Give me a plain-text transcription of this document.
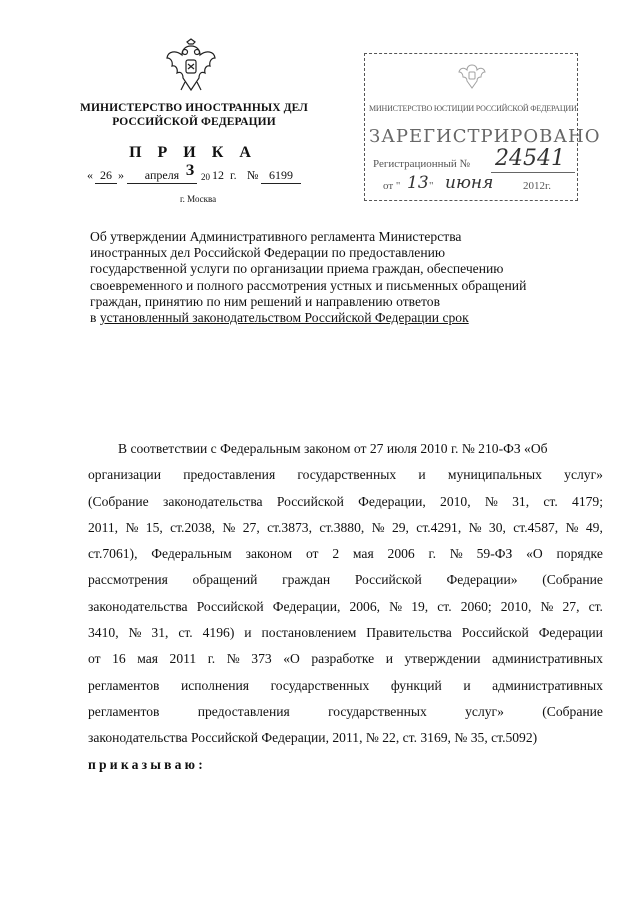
МИНИСТЕРСТВО ИНОСТРАННЫХ ДЕЛ
РОССИЙСКОЙ ФЕДЕРАЦИИ
П Р И К А З
« 26 »	апреля	20 12 г. № 6199
г. Москва
МИНИСТЕРСТВО ЮСТИЦИИ РОССИЙСКОЙ ФЕДЕРАЦИИ
ЗАРЕГИСТРИРОВАНО
Регистрационный № 24541
от " 13 " июня	2012г.
Об утверждении Административного регламента Министерства
иностранных дел Российской Федерации по предоставлению
государственной услуги по организации приема граждан, обеспечению
своевременного и полного рассмотрения устных и письменных обращений
граждан, принятию по ним решений и направлению ответов
в установленный законодательством Российской Федерации срок
В соответствии с Федеральным законом от 27 июля 2010 г. № 210-ФЗ «Об
организации предоставления государственных и муниципальных услуг»
(Собрание законодательства Российской Федерации, 2010, № 31, ст. 4179;
2011, № 15, ст.2038, № 27, ст.3873, ст.3880, № 29, ст.4291, № 30, ст.4587, № 49,
ст.7061), Федеральным законом от 2 мая 2006 г. № 59-ФЗ «О порядке
рассмотрения обращений граждан Российской Федерации» (Собрание
законодательства Российской Федерации, 2006, № 19, ст. 2060; 2010, № 27, ст.
3410, № 31, ст. 4196) и постановлением Правительства Российской Федерации
от 16 мая 2011 г. № 373 «О разработке и утверждении административных
регламентов исполнения государственных функций и административных
регламентов	предоставления	государственных	услуг»	(Собрание
законодательства Российской Федерации, 2011, № 22, ст. 3169, № 35, ст.5092)
приказываю:
